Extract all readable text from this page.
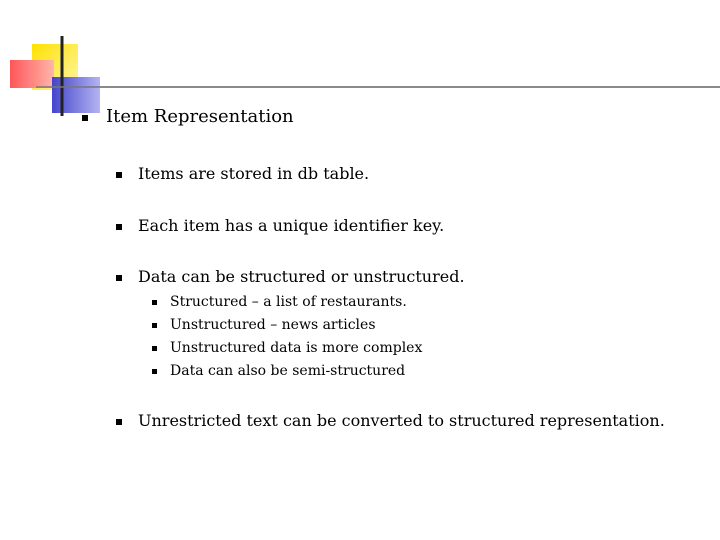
Item Representation
Items are stored in db table.
Each item has a unique identifier key.
Data can be structured or unstructured.
Structured – a list of restaurants.
Unstructured – news articles
Unstructured data is more complex
Data can also be semi-structured
Unrestricted text can be converted to structured representation.
